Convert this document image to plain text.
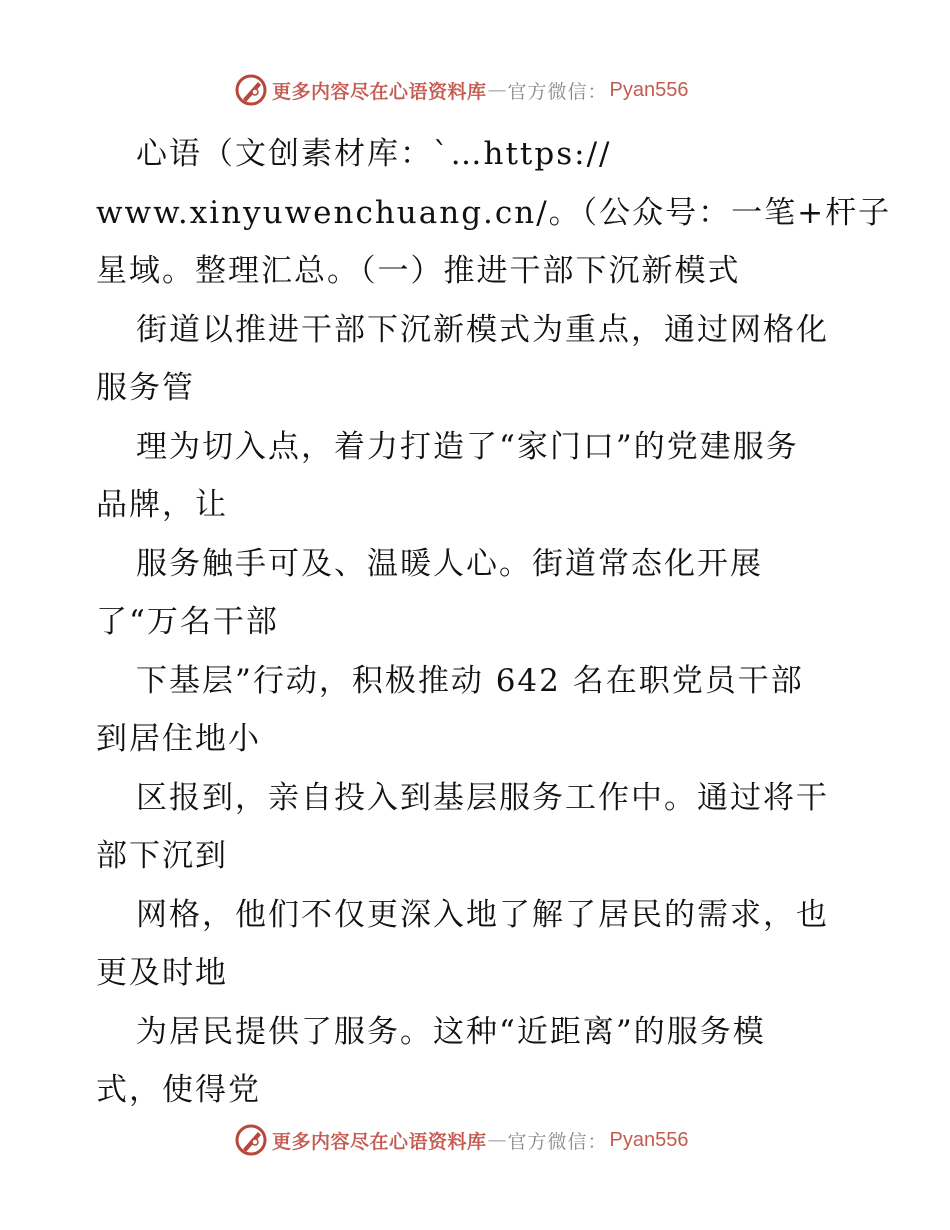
更多内容尽在心语资料库 — 官方微信： Pyan556
心语（文创素材库：`…https://
www.xinyuwenchuang.cn/。（公众号：一笔+杆子
星域。整理汇总。（一）推进干部下沉新模式
街道以推进干部下沉新模式为重点，通过网格化
服务管
理为切入点，着力打造了“家门口”的党建服务
品牌，让
服务触手可及、温暖人心。街道常态化开展
了“万名干部
下基层”行动，积极推动 642 名在职党员干部
到居住地小
区报到，亲自投入到基层服务工作中。通过将干
部下沉到
网格，他们不仅更深入地了解了居民的需求，也
更及时地
为居民提供了服务。这种“近距离”的服务模
式，使得党
更多内容尽在心语资料库 — 官方微信： Pyan556
